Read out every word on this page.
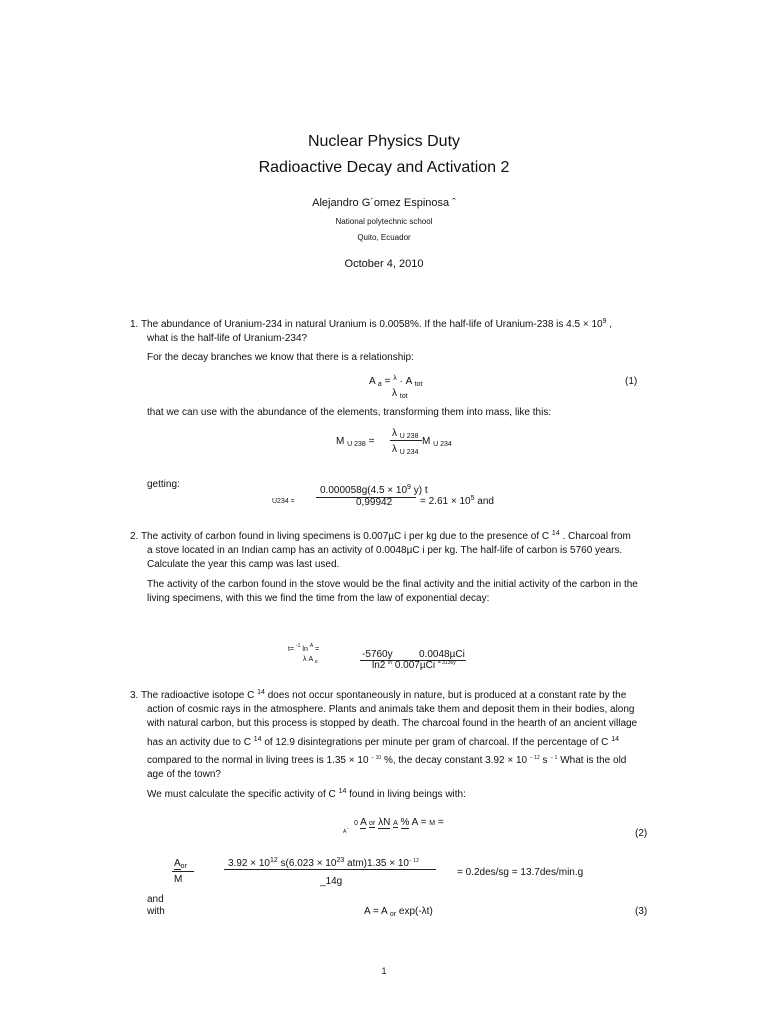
Nuclear Physics Duty
Radioactive Decay and Activation 2
Alejandro G´omez Espinosa ˆ
National polytechnic school
Quito, Ecuador
October 4, 2010
1. The abundance of Uranium-234 in natural Uranium is 0.0058%. If the half-life of Uranium-238 is $4.5 \times 10^9$ ,
what is the half-life of Uranium-234?
For the decay branches we know that there is a relationship:
A $_a$ = $^\lambda$ · A $_{tot}$
λ $_{tot}$
(1)
that we can use with the abundance of the elements, transforming them into mass, like this:
M $_{U 238}$ =
λ $_{U 238}$
λ $_{U 234}$
M $_{U 234}$
getting:
U234 =
$0.000058g(4.5 \times 10^9$ y) t
0,99942	= $2.61 \times 10^5$ and
2. The activity of carbon found in living specimens is 0.007µC i per kg due to the presence of C $^{14}$ . Charcoal from
a stove located in an Indian camp has an activity of 0.0048µC i per kg. The half-life of carbon is 5760 years.
Calculate the year this camp was last used.
The activity of the carbon found in the stove would be the final activity and the initial activity of the carbon in the
living specimens, with this we find the time from the law of exponential decay:
t= $^{-1}$ ln $^A$ =
λ A $_o$
-5760y	0.0048µCi
ln2 $^{ln}$ 0.007µCi $^{= 3136y}$
3. The radioactive isotope C $^{14}$ does not occur spontaneously in nature, but is produced at a constant rate by the
action of cosmic rays in the atmosphere. Plants and animals take them and deposit them in their bodies, along
with natural carbon, but this process is stopped by death. The charcoal found in the hearth of an ancient village
has an activity due to C $^{14}$ of 12.9 disintegrations per minute per gram of charcoal. If the percentage of C $^{14}$
compared to the normal in living trees is 1.35 × 10 $^{- 10}$ %, the decay constant 3.92 × 10 $^{- 12}$ s $^{- 1}$ What is the old
age of the town?
We must calculate the specific activity of C $^{14}$ found in living beings with:
0 A or λN A % A = M =
A¯	(2)
$A_{or}$
M
$3.92 \times 10^{12}$ $s(6.023 \times 10^{23}$ $atm)1.35 \times 10^{- 12}$
_14g
= 0.2des/sg = 13.7des/min.g
and
with	A = A $_{or}$ exp(-λt)	(3)
1
